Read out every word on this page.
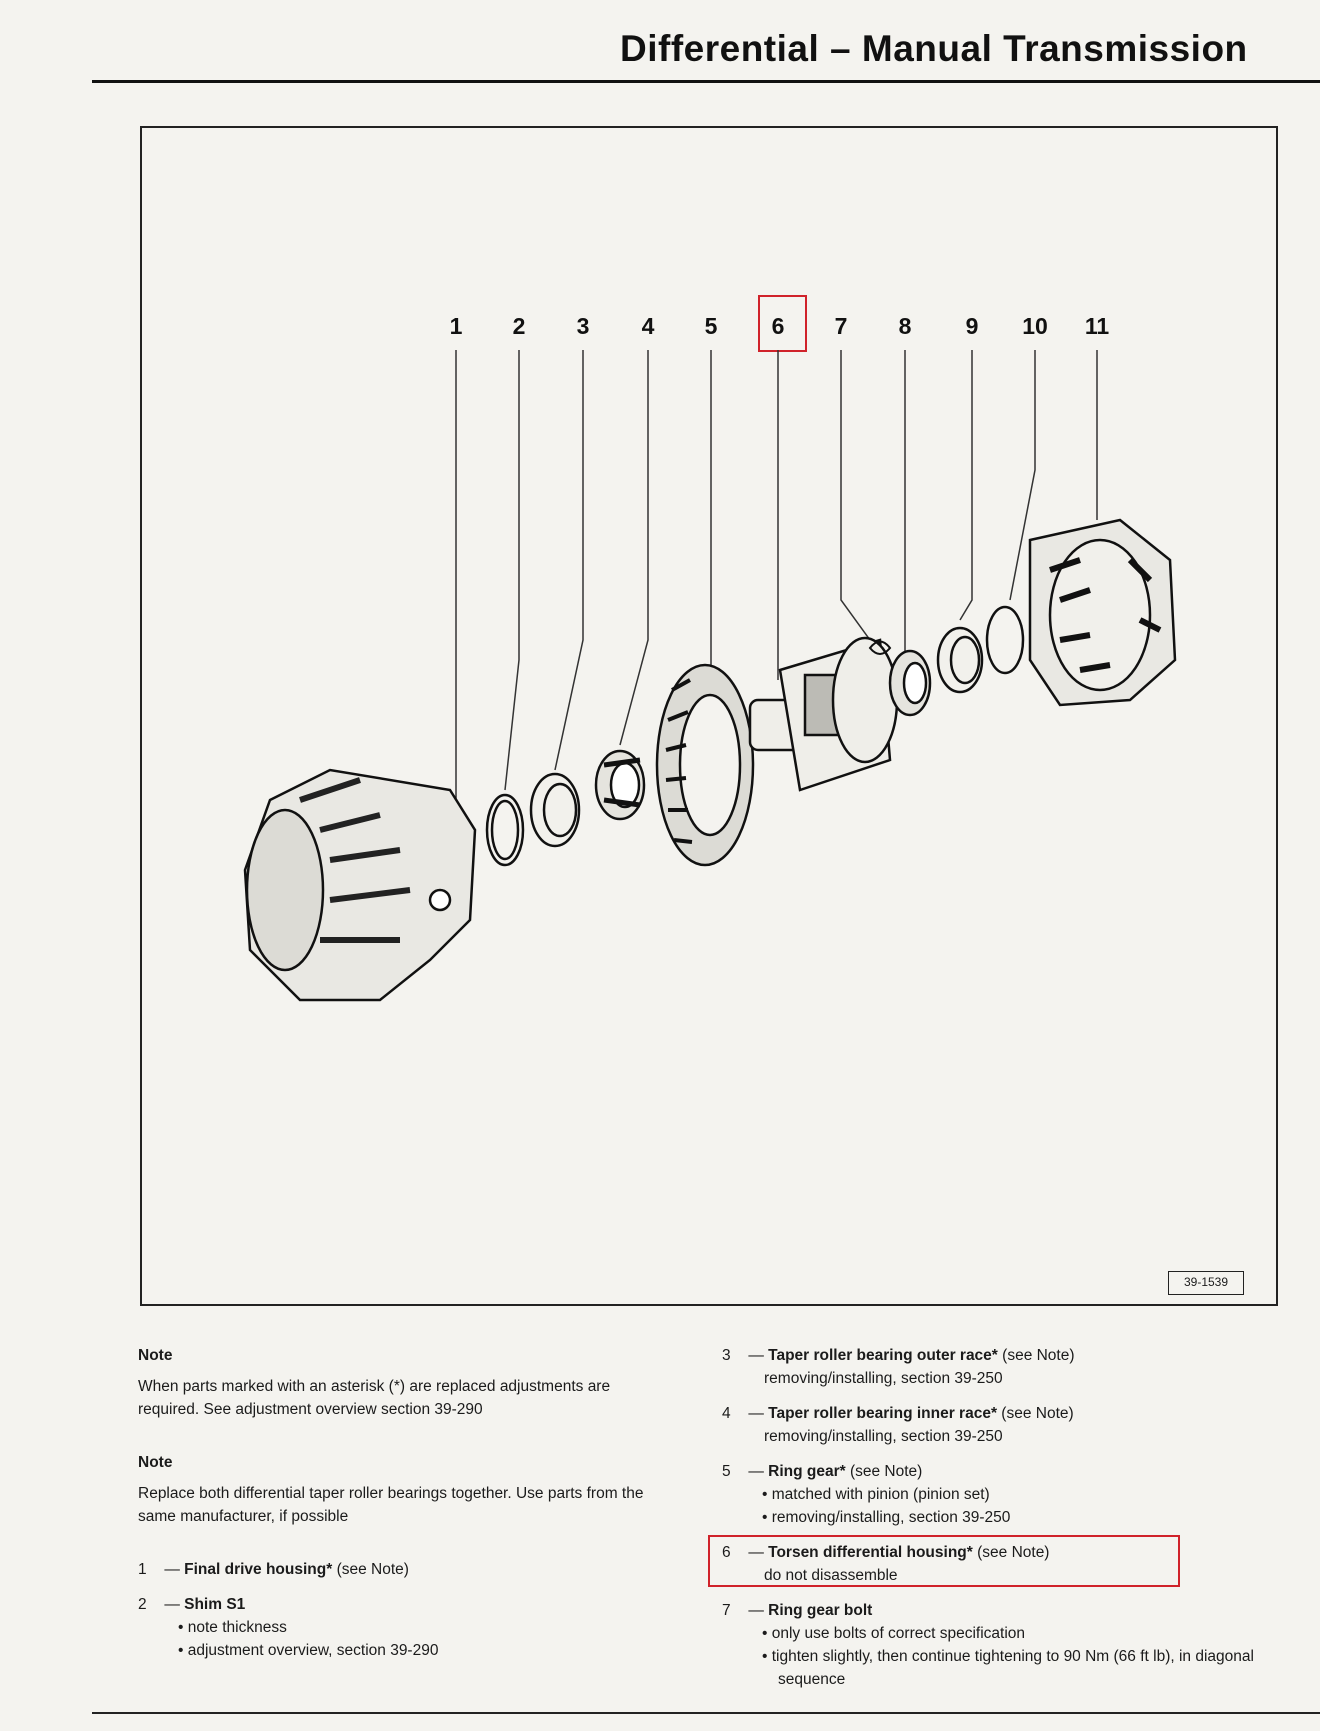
Differential – Manual Transmission
1	2	3	4	5	6	7	8	9	10	11
39-1539
Note
When parts marked with an asterisk (*) are replaced adjustments are required. See adjustment overview section 39-290
Note
Replace both differential taper roller bearings together. Use parts from the same manufacturer, if possible
1 — Final drive housing* (see Note)
2 — Shim S1
• note thickness
• adjustment overview, section 39-290
3 — Taper roller bearing outer race* (see Note)
removing/installing, section 39-250
4 — Taper roller bearing inner race* (see Note)
removing/installing, section 39-250
5 — Ring gear* (see Note)
• matched with pinion (pinion set)
• removing/installing, section 39-250
6 — Torsen differential housing* (see Note)
do not disassemble
7 — Ring gear bolt
• only use bolts of correct specification
• tighten slightly, then continue tightening to 90 Nm (66 ft lb), in diagonal sequence
